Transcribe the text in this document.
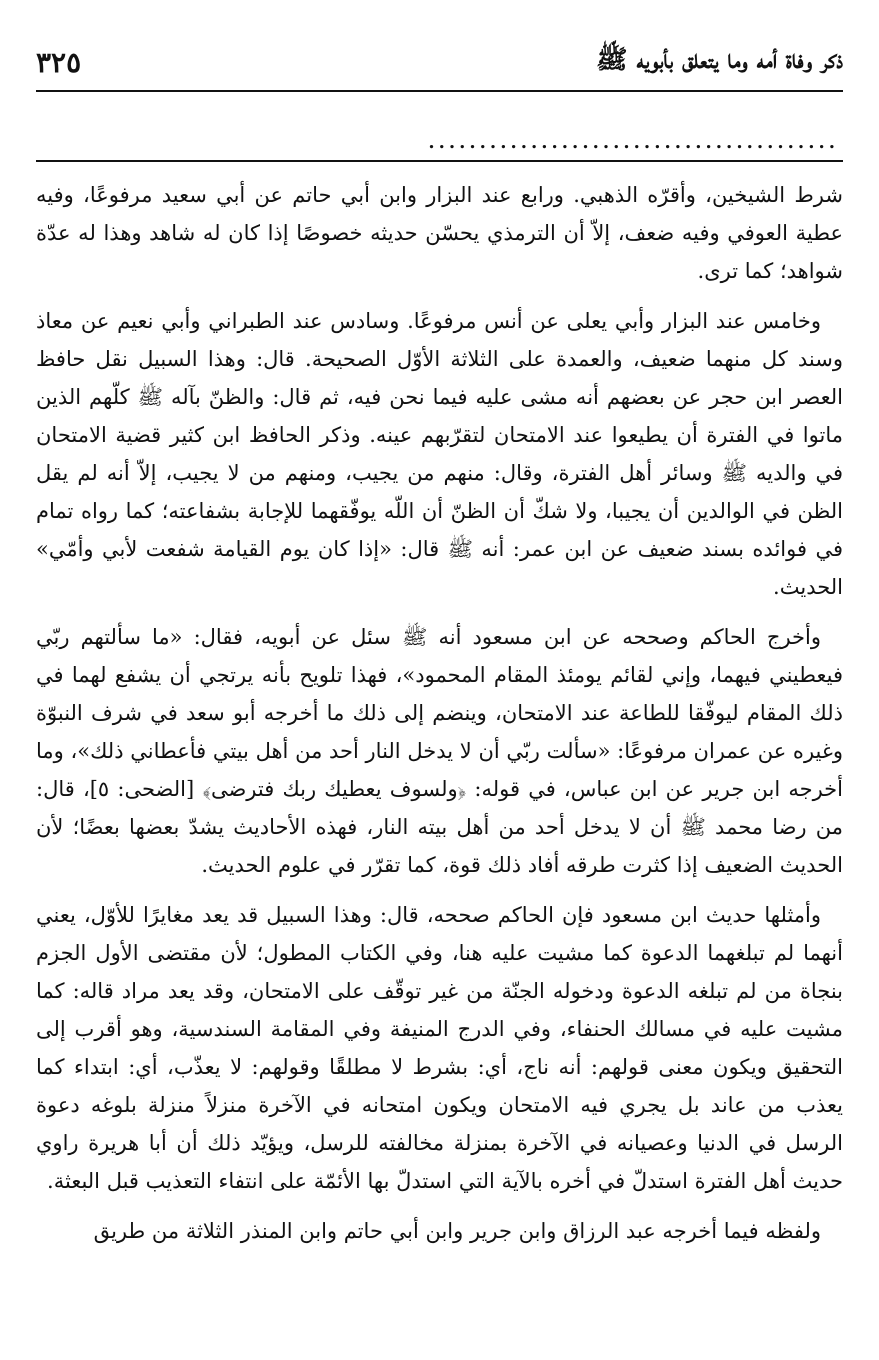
ذكر وفاة أمه وما يتعلق بأبويه ﷺ
٣٢٥
........................................

شرط الشيخين، وأقرّه الذهبي. ورابع عند البزار وابن أبي حاتم عن أبي سعيد مرفوعًا، وفيه عطية العوفي وفيه ضعف، إلاّ أن الترمذي يحسّن حديثه خصوصًا إذا كان له شاهد وهذا له عدّة شواهد؛ كما ترى.

وخامس عند البزار وأبي يعلى عن أنس مرفوعًا. وسادس عند الطبراني وأبي نعيم عن معاذ وسند كل منهما ضعيف، والعمدة على الثلاثة الأوّل الصحيحة. قال: وهذا السبيل نقل حافظ العصر ابن حجر عن بعضهم أنه مشى عليه فيما نحن فيه، ثم قال: والظنّ بآله ﷺ كلّهم الذين ماتوا في الفترة أن يطيعوا عند الامتحان لتقرّبهم عينه. وذكر الحافظ ابن كثير قضية الامتحان في والديه ﷺ وسائر أهل الفترة، وقال: منهم من يجيب، ومنهم من لا يجيب، إلاّ أنه لم يقل الظن في الوالدين أن يجيبا، ولا شكّ أن الظنّ أن اللّه يوفّقهما للإجابة بشفاعته؛ كما رواه تمام في فوائده بسند ضعيف عن ابن عمر: أنه ﷺ قال: «إذا كان يوم القيامة شفعت لأبي وأمّي» الحديث.

وأخرج الحاكم وصححه عن ابن مسعود أنه ﷺ سئل عن أبويه، فقال: «ما سألتهم ربّي فيعطيني فيهما، وإني لقائم يومئذ المقام المحمود»، فهذا تلويح بأنه يرتجي أن يشفع لهما في ذلك المقام ليوفّقا للطاعة عند الامتحان، وينضم إلى ذلك ما أخرجه أبو سعد في شرف النبوّة وغيره عن عمران مرفوعًا: «سألت ربّي أن لا يدخل النار أحد من أهل بيتي فأعطاني ذلك»، وما أخرجه ابن جرير عن ابن عباس، في قوله: ﴿ولسوف يعطيك ربك فترضى﴾ [الضحى: ٥]، قال: من رضا محمد ﷺ أن لا يدخل أحد من أهل بيته النار، فهذه الأحاديث يشدّ بعضها بعضًا؛ لأن الحديث الضعيف إذا كثرت طرقه أفاد ذلك قوة، كما تقرّر في علوم الحديث.

وأمثلها حديث ابن مسعود فإن الحاكم صححه، قال: وهذا السبيل قد يعد مغايرًا للأوّل، يعني أنهما لم تبلغهما الدعوة كما مشيت عليه هنا، وفي الكتاب المطول؛ لأن مقتضى الأول الجزم بنجاة من لم تبلغه الدعوة ودخوله الجنّة من غير توقّف على الامتحان، وقد يعد مراد قاله: كما مشيت عليه في مسالك الحنفاء، وفي الدرج المنيفة وفي المقامة السندسية، وهو أقرب إلى التحقيق ويكون معنى قولهم: أنه ناج، أي: بشرط لا مطلقًا وقولهم: لا يعذّب، أي: ابتداء كما يعذب من عاند بل يجري فيه الامتحان ويكون امتحانه في الآخرة منزلاً منزلة بلوغه دعوة الرسل في الدنيا وعصيانه في الآخرة بمنزلة مخالفته للرسل، ويؤيّد ذلك أن أبا هريرة راوي حديث أهل الفترة استدلّ في أخره بالآية التي استدلّ بها الأئمّة على انتفاء التعذيب قبل البعثة.

ولفظه فيما أخرجه عبد الرزاق وابن جرير وابن أبي حاتم وابن المنذر الثلاثة من طريق
